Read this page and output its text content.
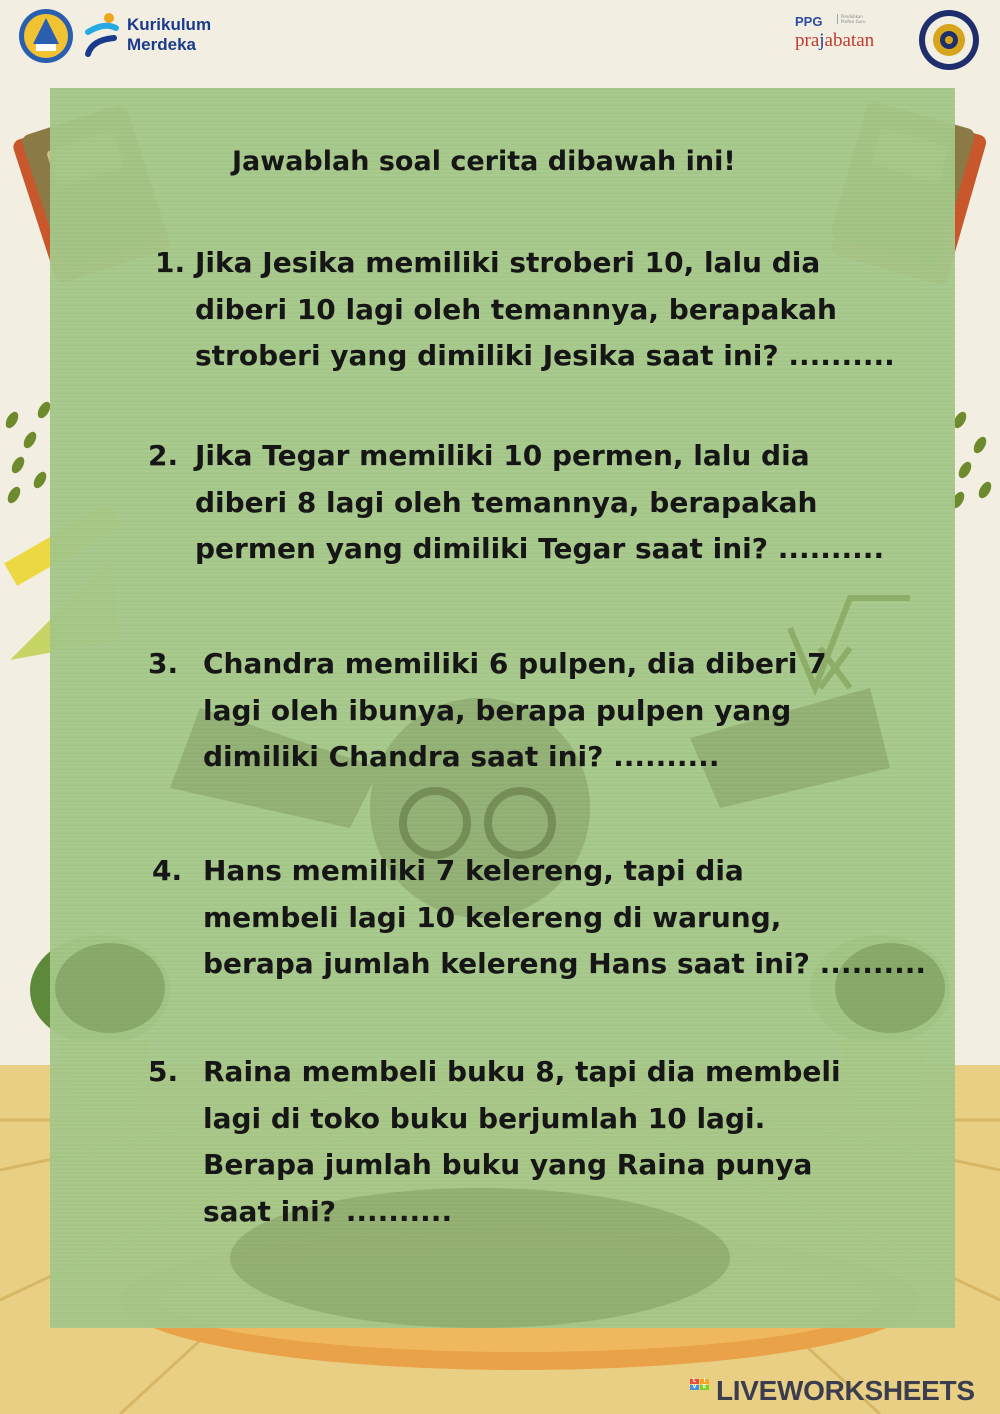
Kurikulum
Merdeka
PPG	Pendidikan Profesi Guru
prajabatan
Jawablah soal cerita dibawah ini!
1. Jika Jesika memiliki stroberi 10, lalu dia
diberi 10 lagi oleh temannya, berapakah
stroberi yang dimiliki Jesika saat ini? ..........
2. Jika Tegar memiliki 10 permen, lalu dia
diberi 8 lagi oleh temannya, berapakah
permen yang dimiliki Tegar saat ini? ..........
3. Chandra memiliki 6 pulpen, dia diberi 7
lagi oleh ibunya, berapa pulpen yang
dimiliki Chandra saat ini? ..........
4. Hans memiliki 7 kelereng, tapi dia
membeli lagi 10 kelereng di warung,
berapa jumlah kelereng Hans saat ini? ..........
5. Raina membeli buku 8, tapi dia membeli
lagi di toko buku berjumlah 10 lagi.
Berapa jumlah buku yang Raina punya
saat ini? ..........
L	I
V	E LIVEWORKSHEETS
